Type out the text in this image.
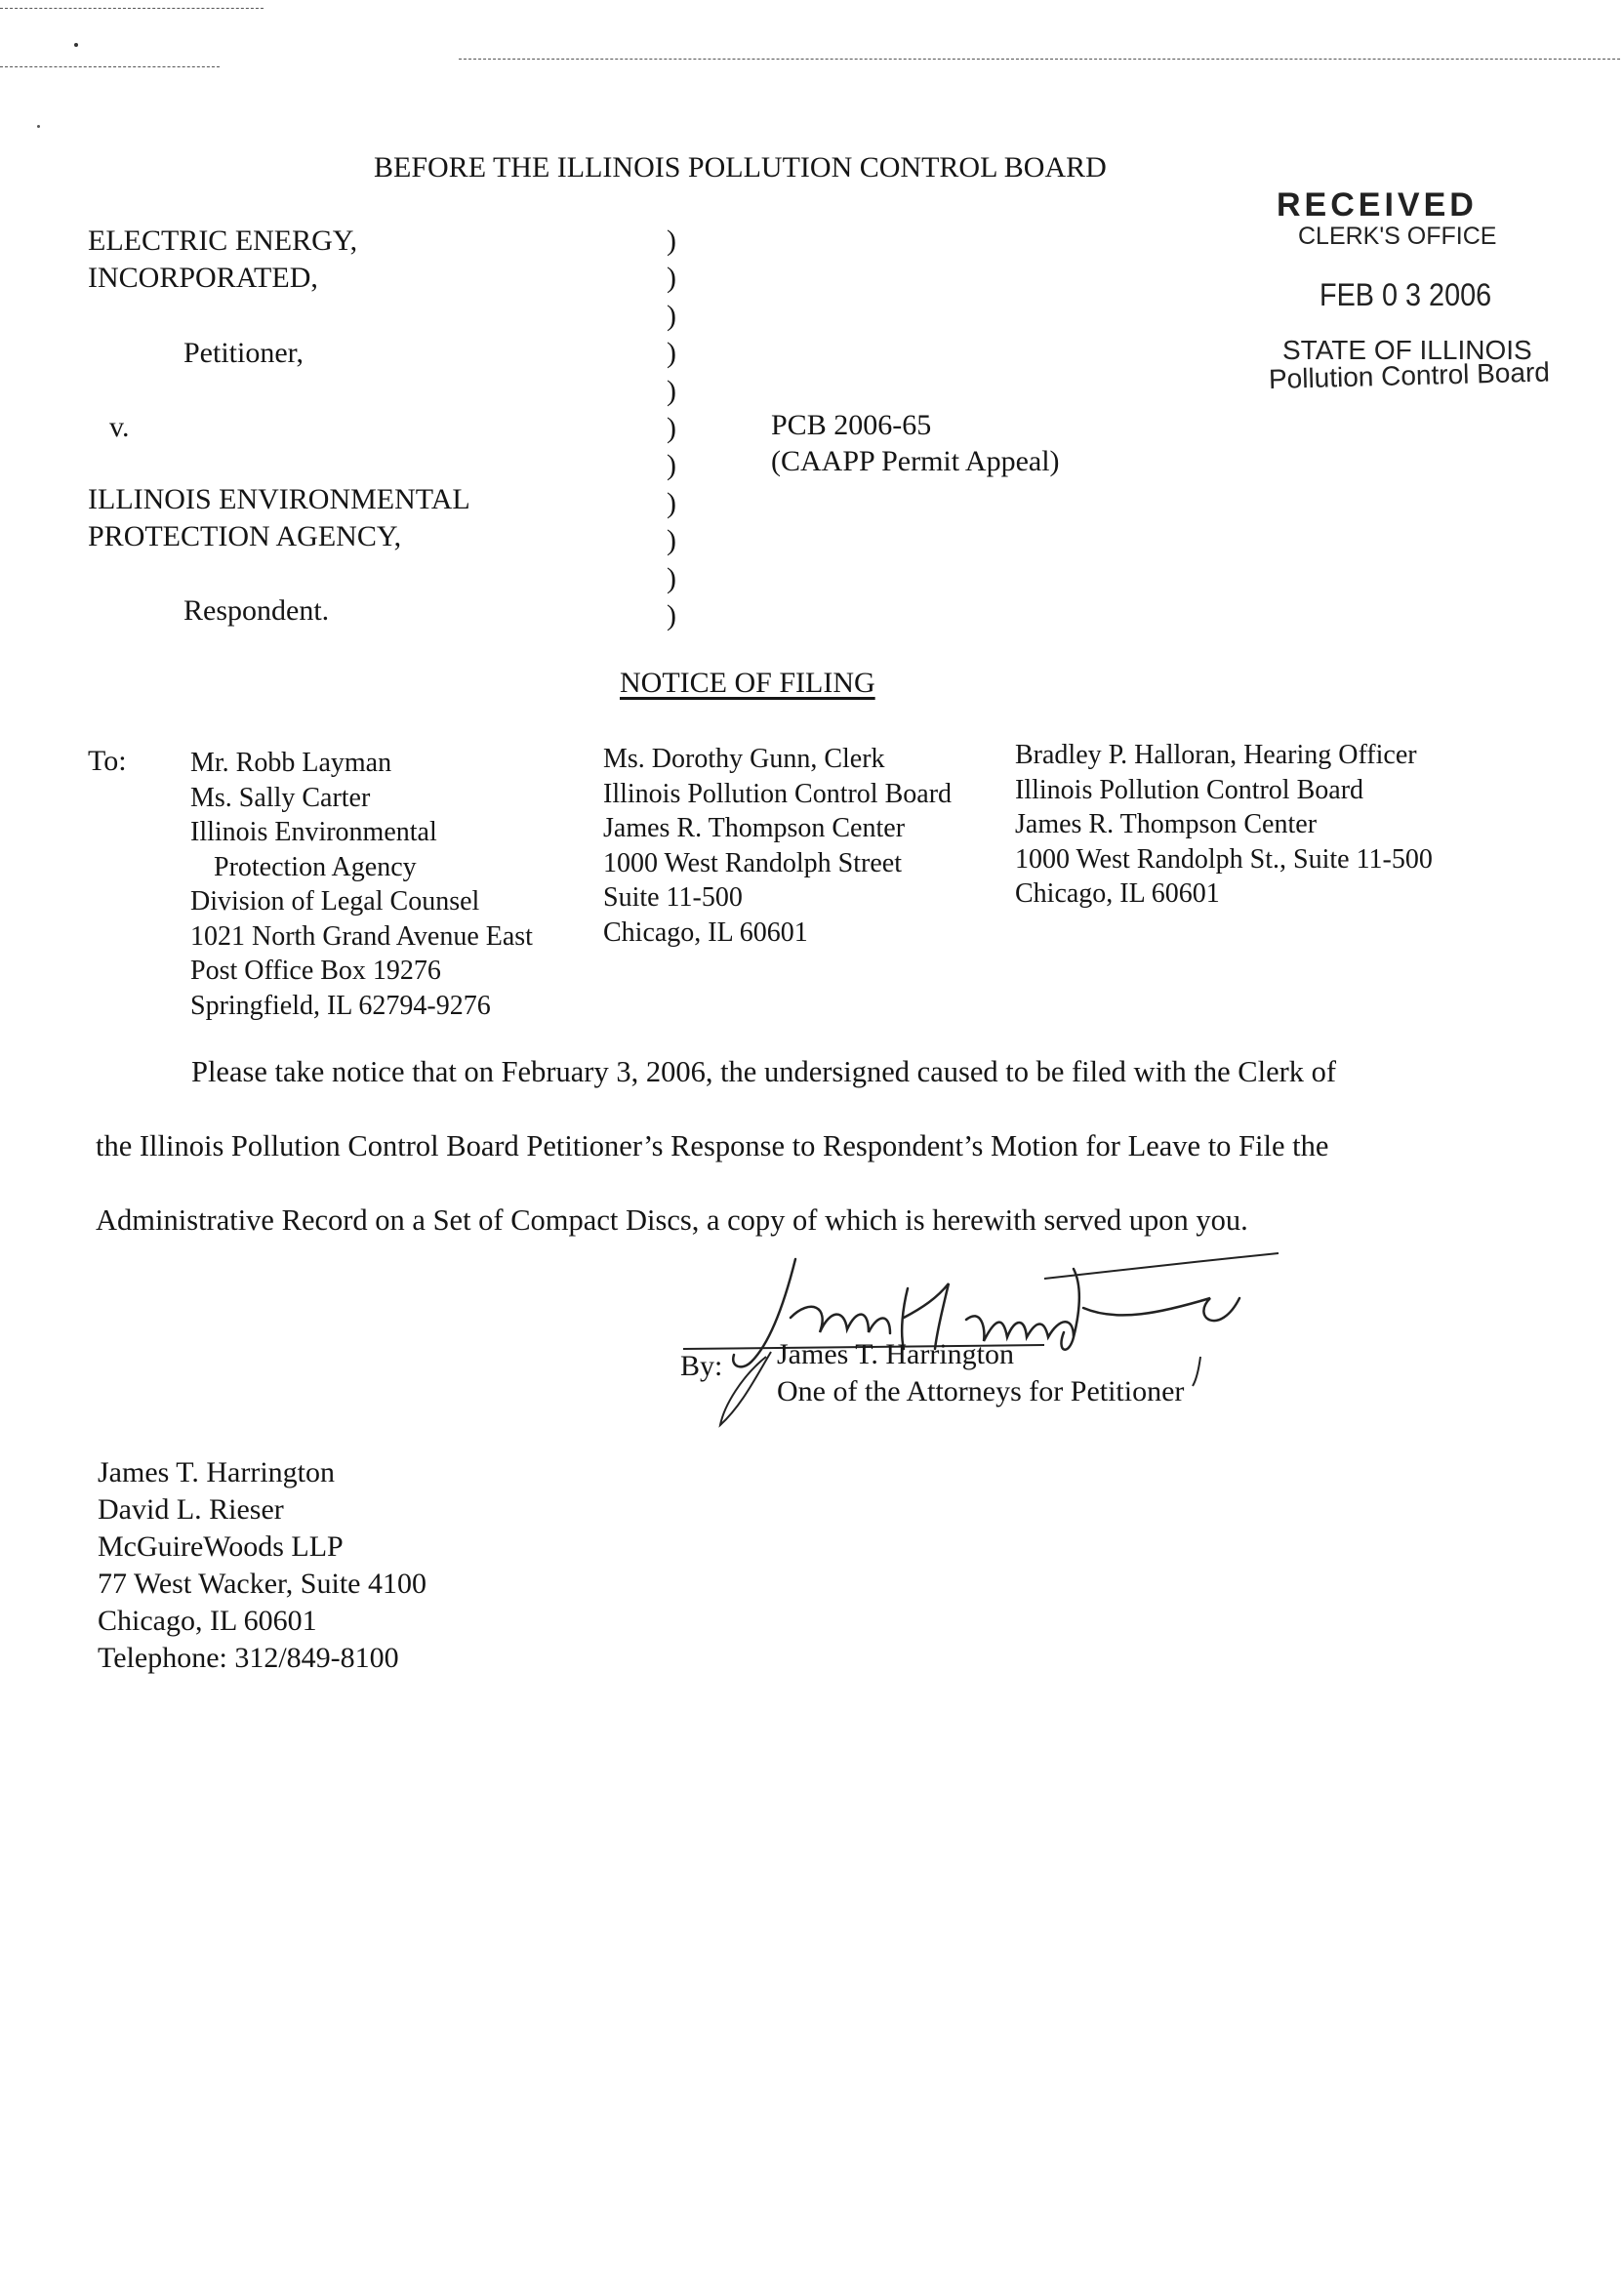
BEFORE THE ILLINOIS POLLUTION CONTROL BOARD
RECEIVED
CLERK'S OFFICE
FEB 0 3 2006
STATE OF ILLINOIS
Pollution Control Board
ELECTRIC ENERGY,
INCORPORATED,
Petitioner,
v.
ILLINOIS ENVIRONMENTAL
PROTECTION AGENCY,
Respondent.
)
)
)
)
)
)
)
)
)
)
)
PCB 2006-65
(CAAPP Permit Appeal)
NOTICE OF FILING
To: Mr. Robb Layman
Ms. Sally Carter
Illinois Environmental
Protection Agency
Division of Legal Counsel
1021 North Grand Avenue East
Post Office Box 19276
Springfield, IL 62794-9276
Ms. Dorothy Gunn, Clerk
Illinois Pollution Control Board
James R. Thompson Center
1000 West Randolph Street
Suite 11-500
Chicago, IL 60601
Bradley P. Halloran, Hearing Officer
Illinois Pollution Control Board
James R. Thompson Center
1000 West Randolph St., Suite 11-500
Chicago, IL 60601
Please take notice that on February 3, 2006, the undersigned caused to be filed with the Clerk of
the Illinois Pollution Control Board Petitioner’s Response to Respondent’s Motion for Leave to File the
Administrative Record on a Set of Compact Discs, a copy of which is herewith served upon you.
By: James T. Harrington
One of the Attorneys for Petitioner
James T. Harrington
David L. Rieser
McGuireWoods LLP
77 West Wacker, Suite 4100
Chicago, IL 60601
Telephone: 312/849-8100
